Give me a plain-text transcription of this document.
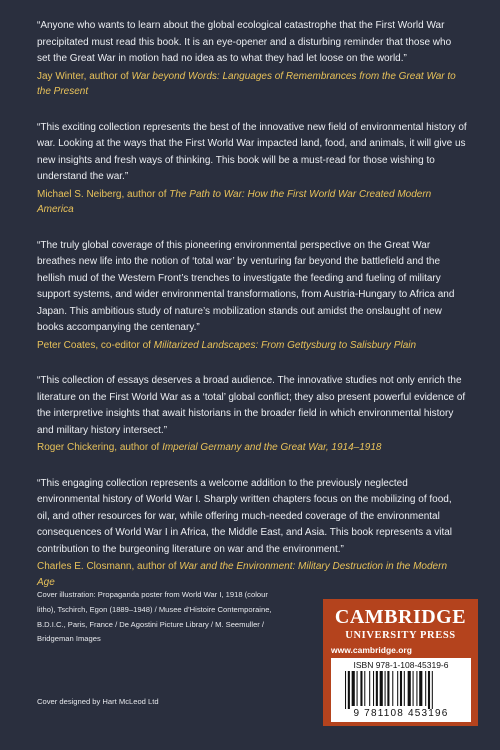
“Anyone who wants to learn about the global ecological catastrophe that the First World War precipitated must read this book. It is an eye-opener and a disturbing reminder that those who set the Great War in motion had no idea as to what they had let loose on the world.”

Jay Winter, author of War beyond Words: Languages of Remembrances from the Great War to the Present

“This exciting collection represents the best of the innovative new field of environmental history of war. Looking at the ways that the First World War impacted land, food, and animals, it will give us new insights and fresh ways of thinking. This book will be a must-read for those wishing to understand the war.”

Michael S. Neiberg, author of The Path to War: How the First World War Created Modern America

“The truly global coverage of this pioneering environmental perspective on the Great War breathes new life into the notion of ‘total war’ by venturing far beyond the battlefield and the hellish mud of the Western Front’s trenches to investigate the feeding and fueling of military support systems, and wider environmental transformations, from Austria-Hungary to Africa and Japan. This ambitious study of nature’s mobilization stands out amidst the onslaught of new books accompanying the centenary.”

Peter Coates, co-editor of Militarized Landscapes: From Gettysburg to Salisbury Plain

“This collection of essays deserves a broad audience. The innovative studies not only enrich the literature on the First World War as a ‘total’ global conflict; they also present powerful evidence of the interpretive insights that await historians in the broader field in which environmental history and military history intersect.”

Roger Chickering, author of Imperial Germany and the Great War, 1914–1918

“This engaging collection represents a welcome addition to the previously neglected environmental history of World War I. Sharply written chapters focus on the mobilizing of food, oil, and other resources for war, while offering much-needed coverage of the environmental consequences of World War I in Africa, the Middle East, and Asia. This book represents a vital contribution to the burgeoning literature on war and the environment.”

Charles E. Closmann, author of War and the Environment: Military Destruction in the Modern Age

Cover illustration: Propaganda poster from World War I, 1918 (colour litho), Tschirch, Egon (1889–1948) / Musee d’Histoire Contemporaine, B.D.I.C., Paris, France / De Agostini Picture Library / M. Seemuller / Bridgeman Images

Cover designed by Hart McLeod Ltd

CAMBRIDGE
UNIVERSITY PRESS
www.cambridge.org
ISBN 978-1-108-45319-6
9 781108 453196
